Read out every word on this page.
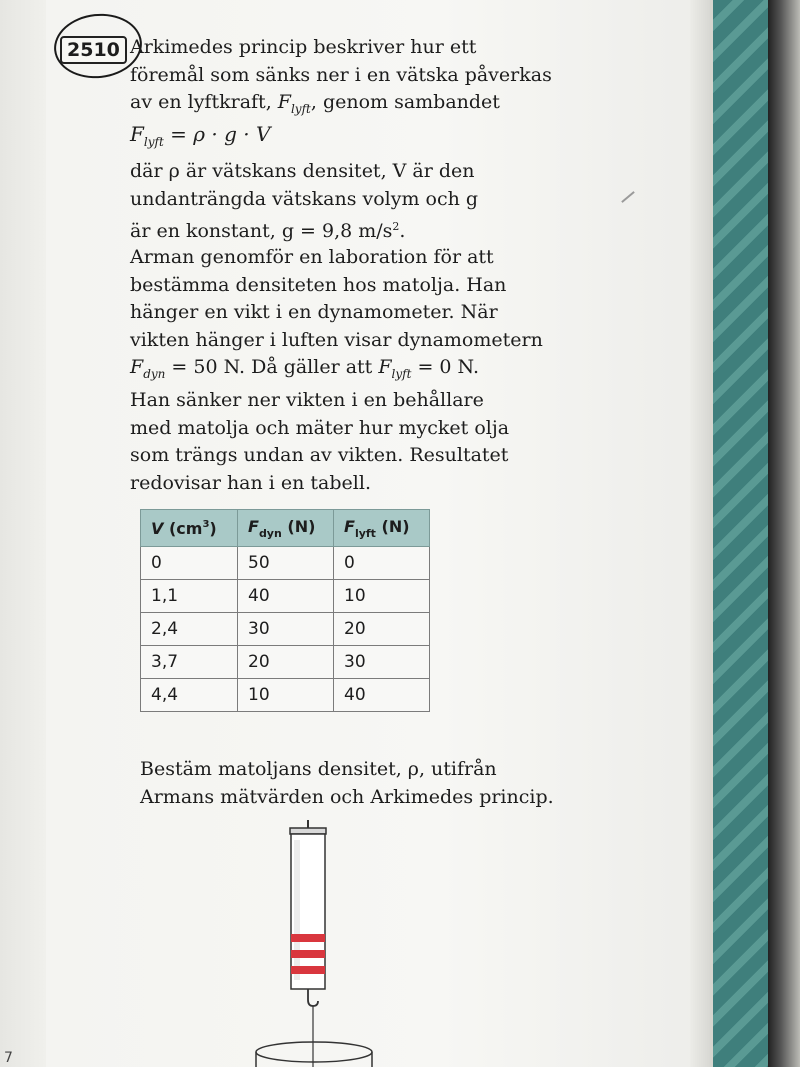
2510 Arkimedes princip beskriver hur ett
föremål som sänks ner i en vätska påverkas
av en lyftkraft, $F_{lyft}$, genom sambandet

$F_{lyft} = \rho \cdot g \cdot V$

där ρ är vätskans densitet, V är den
undanträngda vätskans volym och g
är en konstant, g = 9,8 $m/s^2$.

Arman genomför en laboration för att
bestämma densiteten hos matolja. Han
hänger en vikt i en dynamometer. När
vikten hänger i luften visar dynamometern
$F_{dyn} = 50$ N. Då gäller att $F_{lyft} = 0$ N.

Han sänker ner vikten i en behållare
med matolja och mäter hur mycket olja
som trängs undan av vikten. Resultatet
redovisar han i en tabell.

V $(cm^3)$	$F_{dyn}$ (N)	$F_{lyft}$ (N)
0	50	0
1,1	40	10
2,4	30	20
3,7	20	30
4,4	10	40
Bestäm matoljans densitet, ρ, utifrån
Armans mätvärden och Arkimedes princip.
7
